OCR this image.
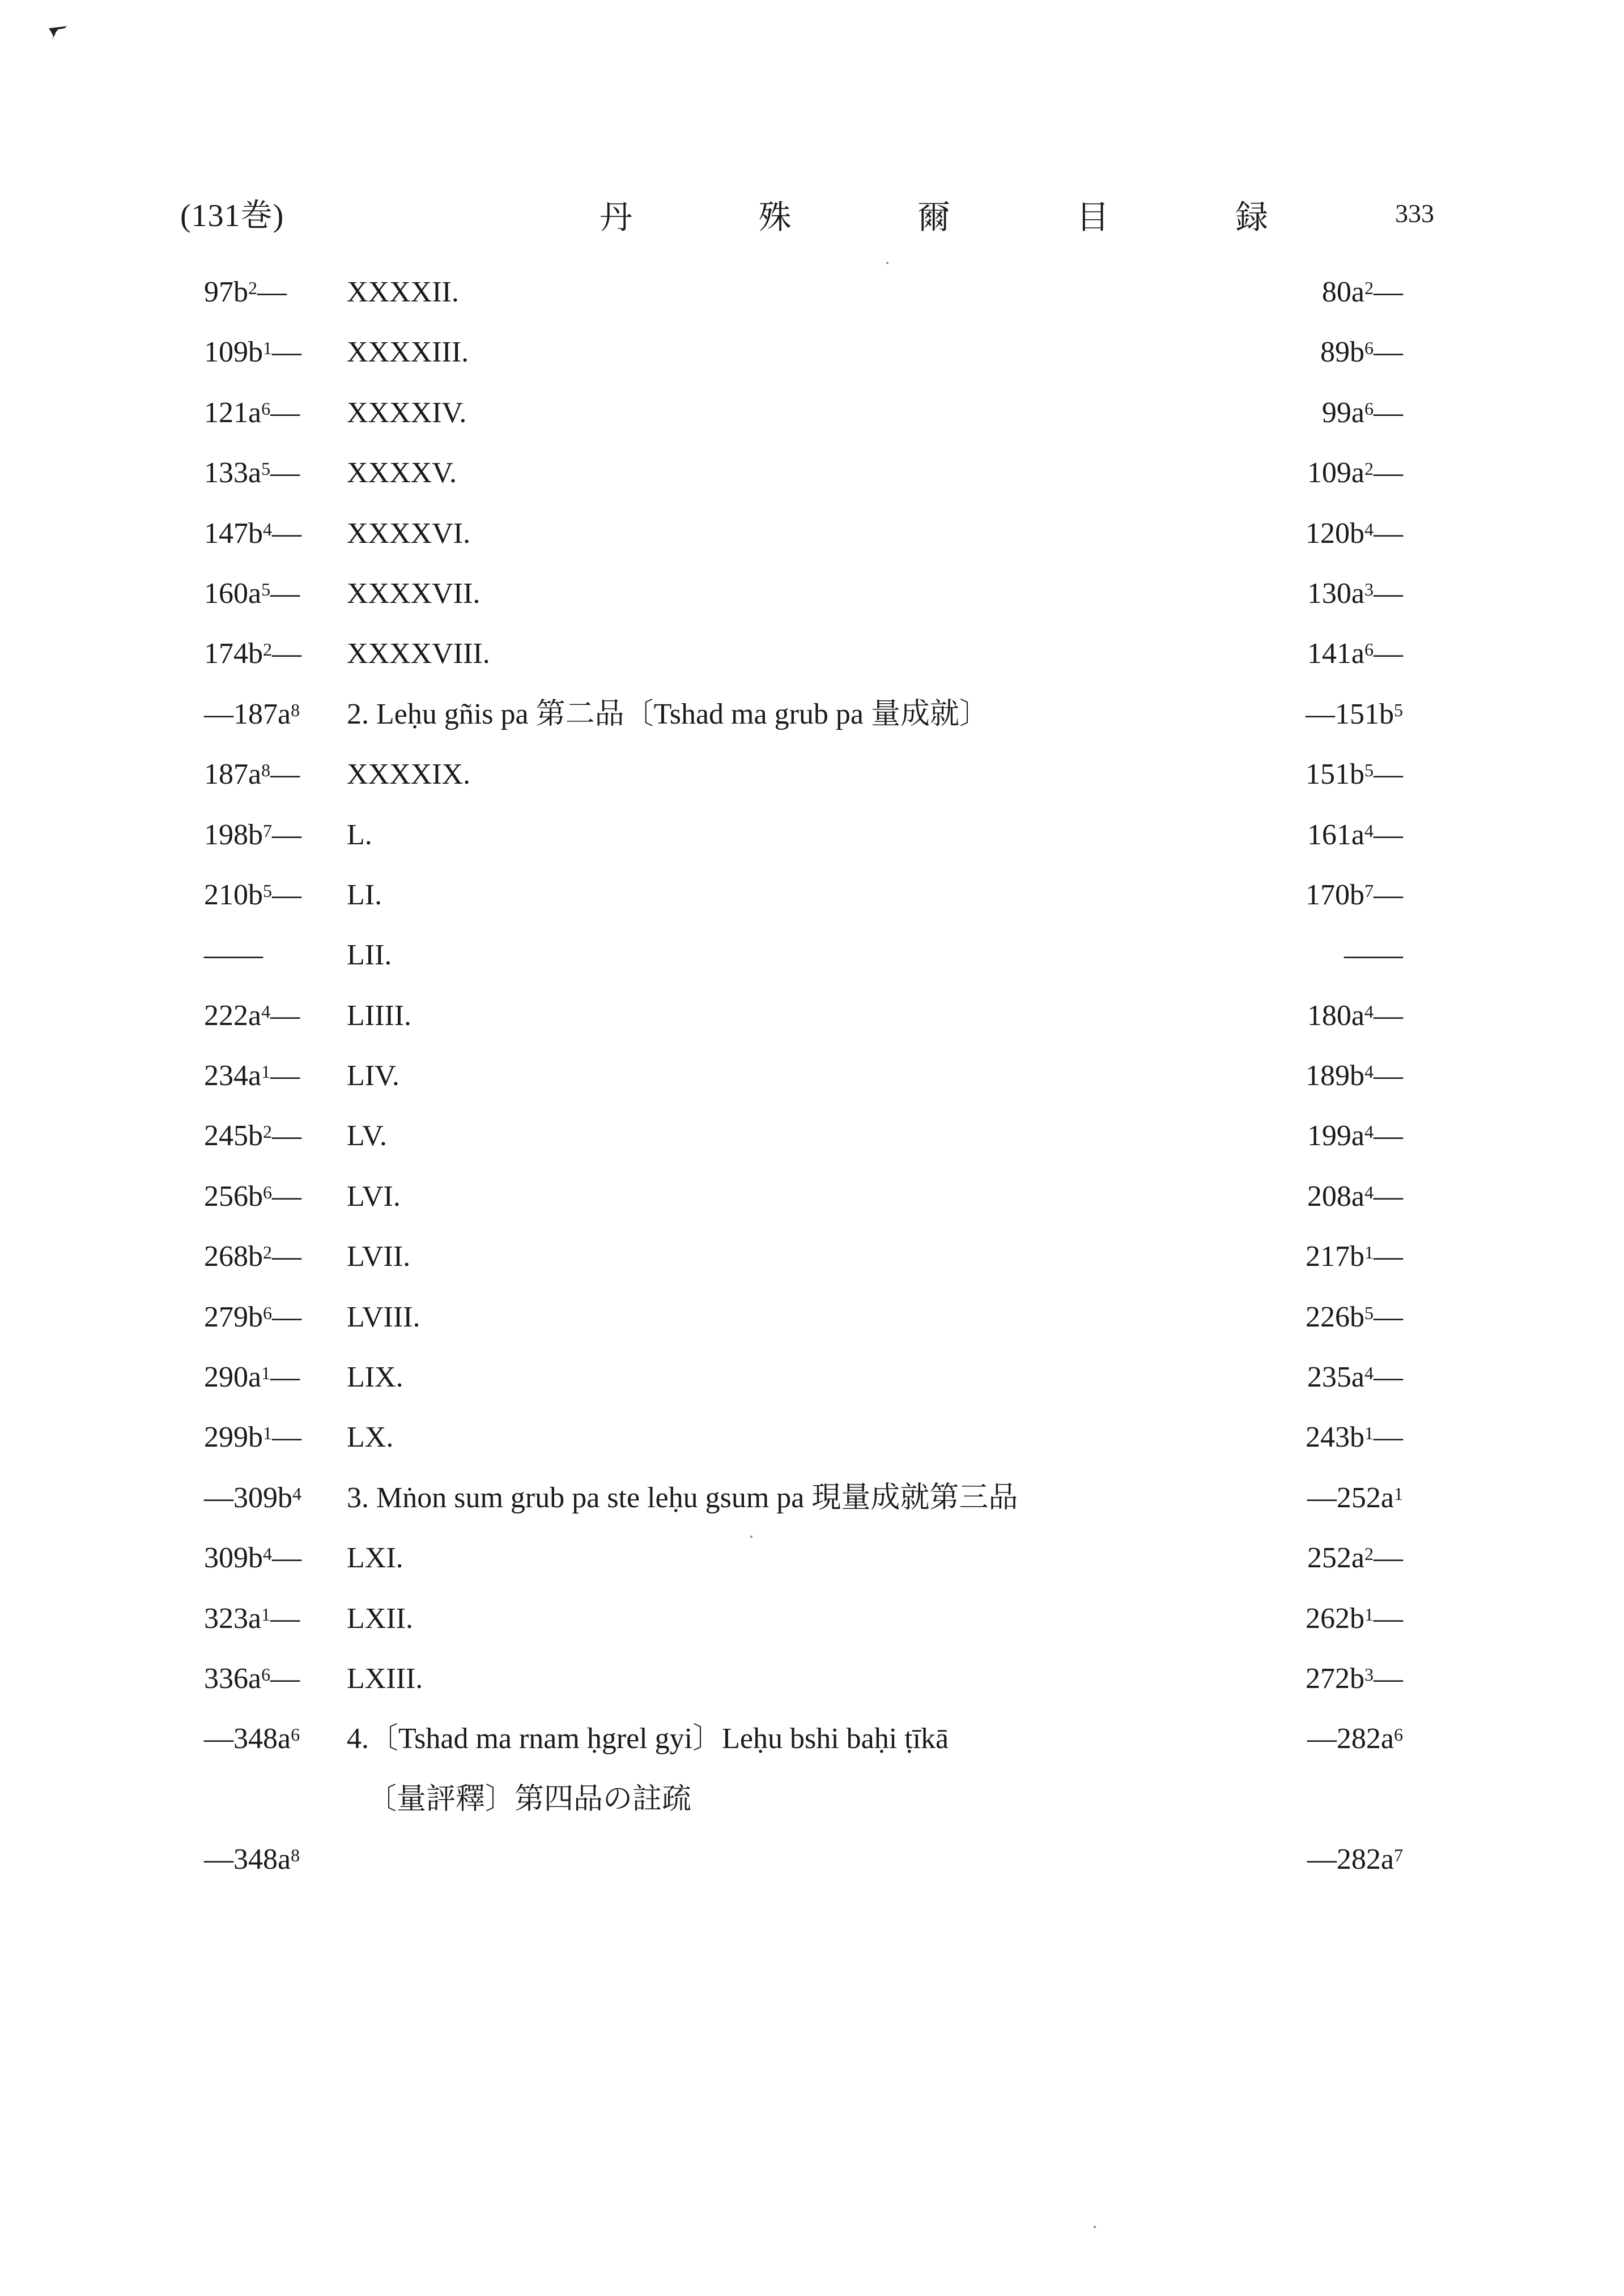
(131巻)	丹 殊 爾 目 録	333
$97b^2—$ XXXXII.	$80a^2—$
$109b^1—$ XXXXIII.	$89b^6—$
$121a^6—$ XXXXIV.	$99a^6—$
$133a^5—$ XXXXV.	$109a^2—$
$147b^4—$ XXXXVI.	$120b^4—$
$160a^5—$ XXXXVII.	$130a^3—$
$174b^2—$ XXXXVIII.	$141a^6—$
$—187a^8$ 2. Leḥu gñis pa 第二品〔Tshad ma grub pa 量成就〕	$—151b^5$
$187a^8—$ XXXXIX.	$151b^5—$
$198b^7—$ L.	$161a^4—$
$210b^5—$ LI.	$170b^7—$
——	LII.	——
$222a^4—$ LIIII.	$180a^4—$
$234a^1—$ LIV.	$189b^4—$
$245b^2—$ LV.	$199a^4—$
$256b^6—$ LVI.	$208a^4—$
$268b^2—$ LVII.	$217b^1—$
$279b^6—$ LVIII.	$226b^5—$
$290a^1—$ LIX.	$235a^4—$
$299b^1—$ LX.	$243b^1—$
$—309b^4$ 3. Mṅon sum grub pa ste leḥu gsum pa 現量成就第三品	$—252a^1$
$309b^4—$ LXI.	$252a^2—$
$323a^1—$ LXII.	$262b^1—$
$336a^6—$ LXIII.	$272b^3—$
$—348a^6$ 4.〔Tshad ma rnam ḥgrel gyi〕Leḥu bshi baḥi ṭīkā	$—282a^6$
〔量評釋〕第四品の註疏
$—348a^8$	$—282a^7$
